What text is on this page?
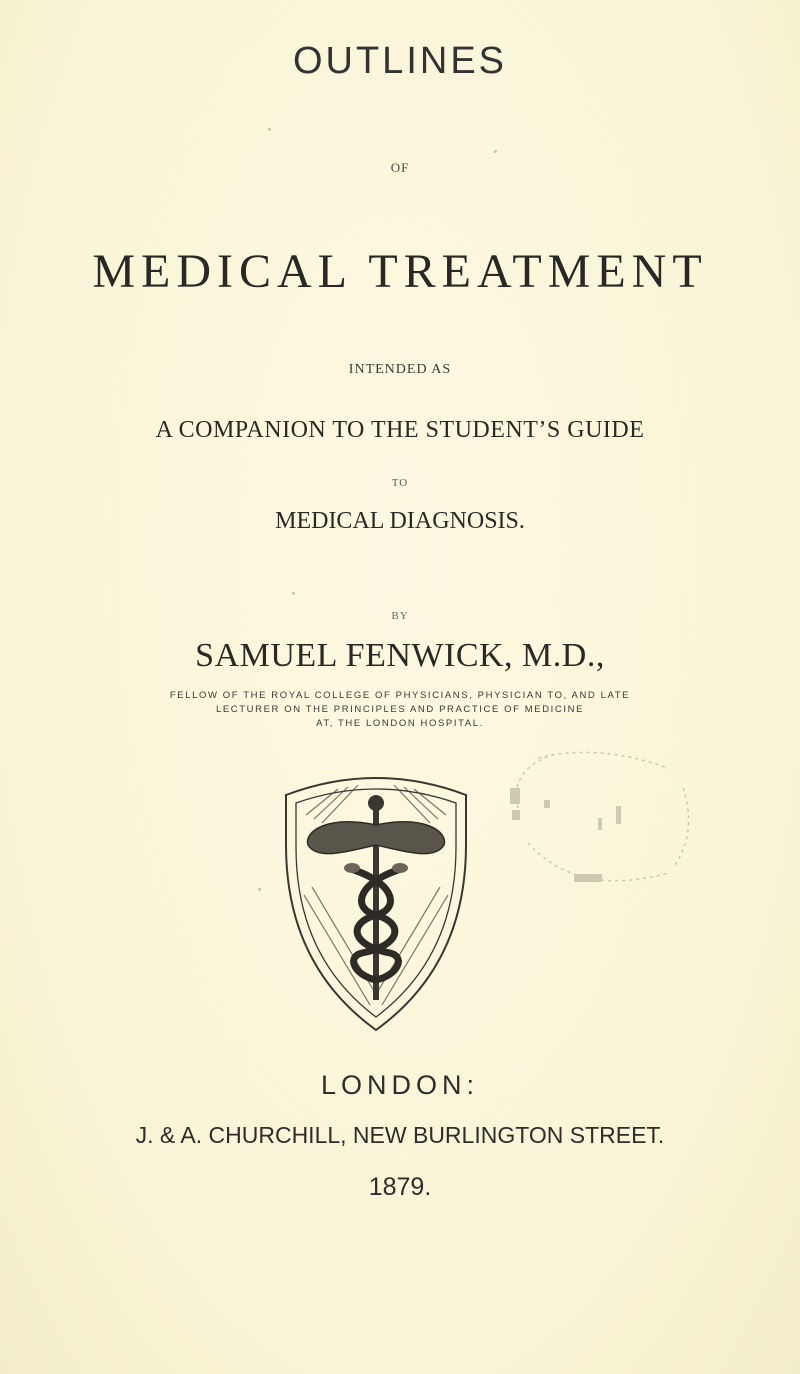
OUTLINES
OF
MEDICAL TREATMENT
INTENDED AS
A COMPANION TO THE STUDENT’S GUIDE
TO
MEDICAL DIAGNOSIS.
BY
SAMUEL FENWICK, M.D.,
FELLOW OF THE ROYAL COLLEGE OF PHYSICIANS, PHYSICIAN TO, AND LATE
LECTURER ON THE PRINCIPLES AND PRACTICE OF MEDICINE
AT, THE LONDON HOSPITAL.
LONDON:
J. & A. CHURCHILL, NEW BURLINGTON STREET.
1879.
